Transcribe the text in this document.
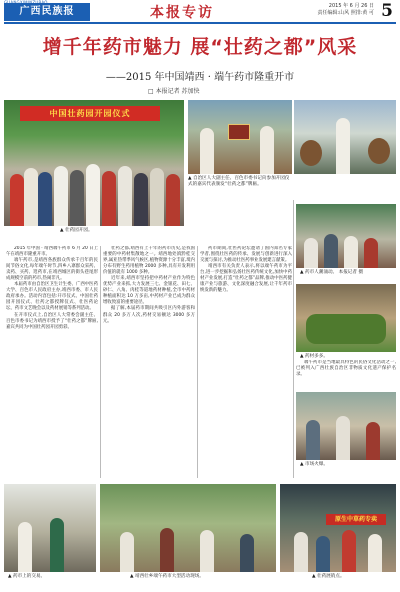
广西民族报	本报专访	2015 年 6 月 26 日
责任编辑:山风 照排:黄 可 5
增千年药市魅力 展“壮药之都”风采
——2015 年中国靖西 · 端午药市隆重开市
□ 本报记者 苏加快
中国壮药园开园仪式
▲ 壮药园开园。
▲ 自治区人大副主任、百色市委书记向参加开园仪式的嘉宾代表颁发“壮药之都”牌匾。
▲ 药市人潮涌动。 本报记者 摄
▲ 药材多多。

端午药市是当地最具特色的民俗文化活动之一,已被列入广西壮族自治区非物质文化遗产保护名录。

▲ 市场火爆。

2015 年中国 · 靖西端午药市 6 月 20 日上午在靖西市隆重开市。

端午药市,是靖西各族群众传承千百年的民间节俗文化,每年端午时节,四乡八寨群众采药、卖药、买药、逛药市,在靖西城区的街头巷尾形成规模空前的药市,热闹非凡。

本届药市由自治区卫生计生委、广西中医药大学、百色市人民政府主办,靖西市委、市人民政府承办。活动内容包括:开市仪式、中国壮药园开园仪式、壮药之都授牌仪式、壮医药论坛、药市文艺晚会以及药材展销等系列活动。

在开市仪式上,自治区人大常委会副主任、百色市委书记为靖西市授予了“壮药之都”牌匾,嘉宾共同为中国壮药园开园剪彩。

壮药之都,靖西有上千年的药市历史,是我国重要的中药材集散地之一。靖西地处滇黔桂交界,属亚热带季风气候区,植物资源十分丰富,境内分布有野生药用植物 2000 多种,具有开发利用价值的就有 1000 多种。

近年来,靖西市坚持把中药材产业作为特色优势产业来抓,大力发展三七、金银花、田七、砂仁、八角、肉桂等道地药材种植,全市中药材种植面积达 10 万多亩,中药材产业已成为群众增收致富的重要途径。

据了解,本届药市期间共吸引区内外游客和群众 20 多万人次,药材交易额达 3000 多万元。

药市期间,壮医药论坛邀请了国内知名专家学者,围绕壮医药的传承、发展与创新进行深入交流与探讨,为推动壮医药事业发展建言献策。

靖西市有关负责人表示,将以端午药市为平台,进一步挖掘和弘扬壮医药传统文化,加快中药材产业发展,打造“壮药之都”品牌,推动中医药健康产业与旅游、文化深度融合发展,让千年药市焕发新的魅力。

▲ 药市上的交易。	▲ 靖西壮乡端午药市大型活动现场。
原生中草药专卖
▲ 壮药展销点。
